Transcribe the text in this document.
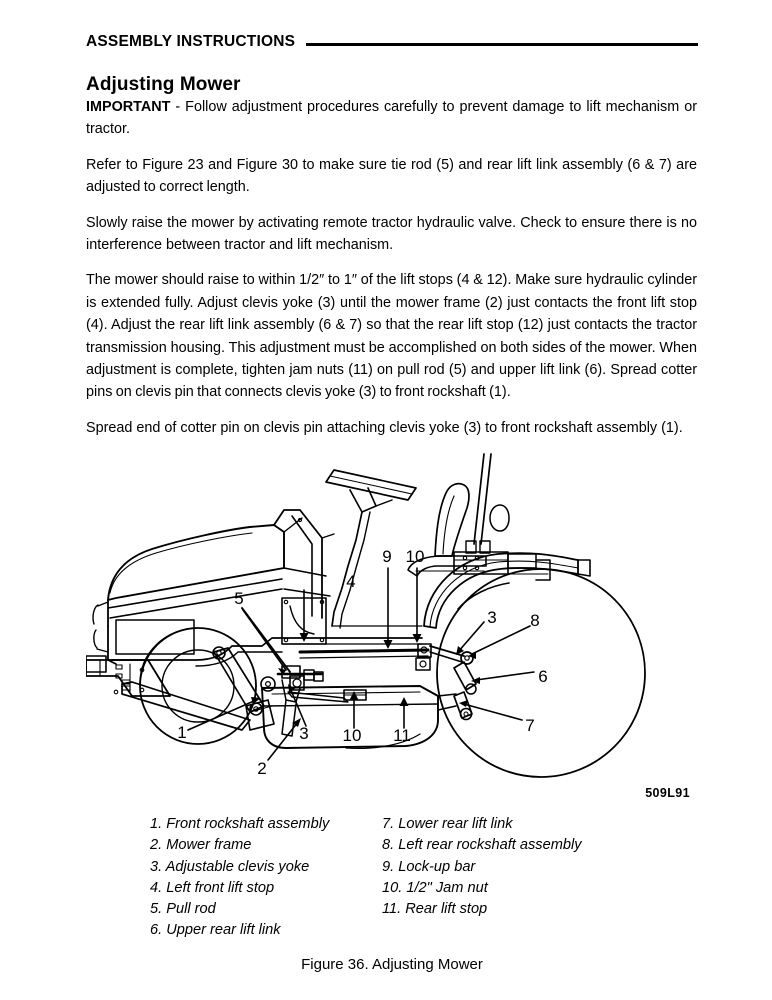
ASSEMBLY INSTRUCTIONS
Adjusting Mower

IMPORTANT - Follow adjustment procedures carefully to prevent damage to lift mechanism or tractor.

Refer to Figure 23 and Figure 30 to make sure tie rod (5) and rear lift link assembly (6 & 7) are adjusted to correct length.

Slowly raise the mower by activating remote tractor hydraulic valve. Check to ensure there is no interference between tractor and lift mechanism.

The mower should raise to within 1/2″ to 1″ of the lift stops (4 & 12). Make sure hydraulic cylinder is extended fully. Adjust clevis yoke (3) until the mower frame (2) just contacts the front lift stop (4). Adjust the rear lift link assembly (6 & 7) so that the rear lift stop (12) just contacts the tractor transmission housing. This adjustment must be accomplished on both sides of the mower. When adjustment is complete, tighten jam nuts (11) on pull rod (5) and upper lift link (6). Spread cotter pins on clevis pin that connects clevis yoke (3) to front rockshaft (1).

Spread end of cotter pin on clevis pin attaching clevis yoke (3) to front rockshaft assembly (1).

5
4
9 10
3 8
6
7
1	3 10 11
2
509L91
1. Front rockshaft assembly
2. Mower frame
3. Adjustable clevis yoke
4. Left front lift stop
5. Pull rod
6. Upper rear lift link
7. Lower rear lift link
8. Left rear rockshaft assembly
9. Lock-up bar
10. 1/2" Jam nut
11. Rear lift stop
Figure 36. Adjusting Mower
